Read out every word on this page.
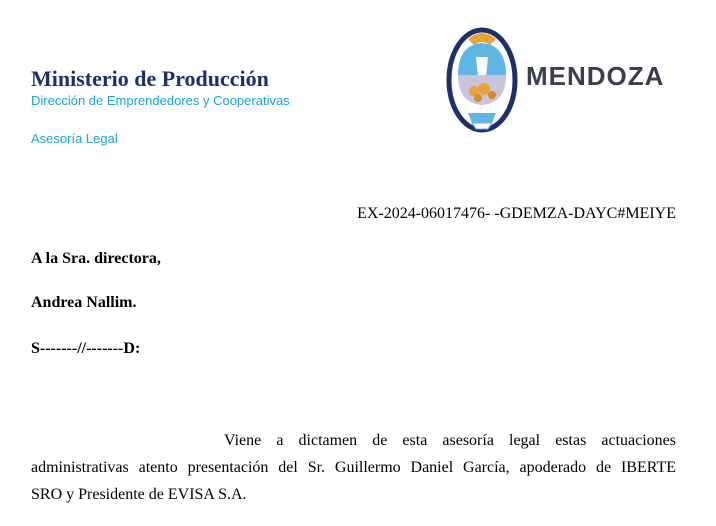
Ministerio de Producción
Dirección de Emprendedores y Cooperativas
Asesoría Legal
MENDOZA
EX-2024-06017476- -GDEMZA-DAYC#MEIYE
A la Sra. directora,
Andrea Nallim.
S-------//-------D:
Viene a dictamen de esta asesoría legal estas actuaciones
administrativas atento presentación del Sr. Guillermo Daniel García, apoderado de IBERTE
SRO y Presidente de EVISA S.A.
